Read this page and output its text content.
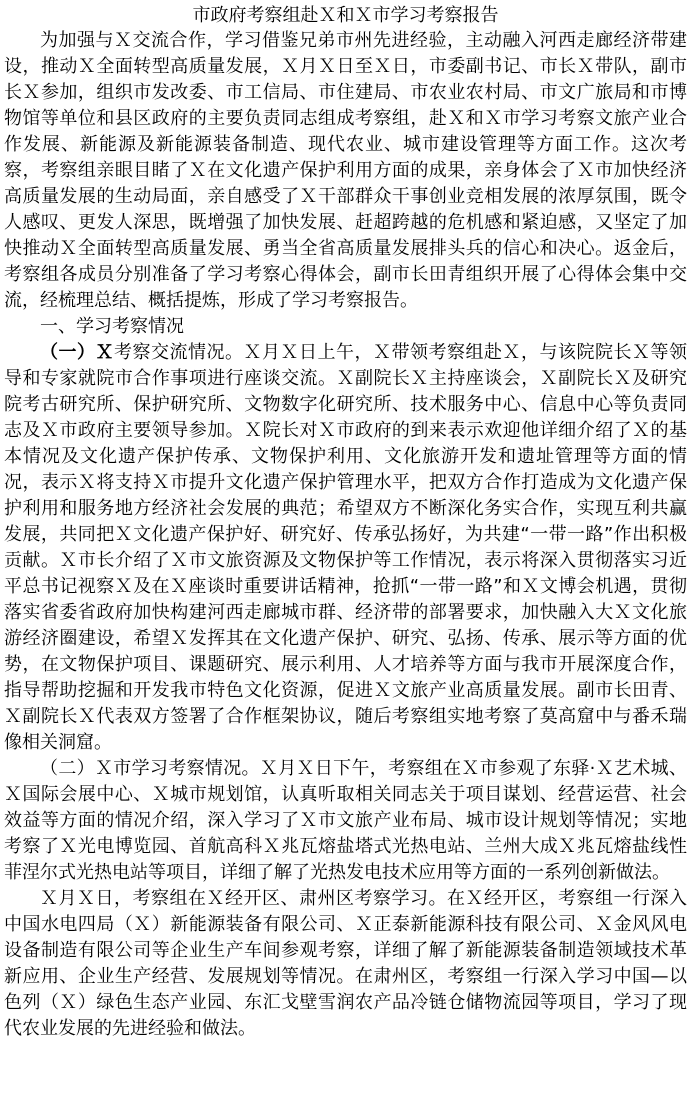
市政府考察组赴Ｘ和Ｘ市学习考察报告

为加强与Ｘ交流合作，学习借鉴兄弟市州先进经验，主动融入河西走廊经济带建设，推动Ｘ全面转型高质量发展，Ｘ月Ｘ日至Ｘ日，市委副书记、市长Ｘ带队，副市长Ｘ参加，组织市发改委、市工信局、市住建局、市农业农村局、市文广旅局和市博物馆等单位和县区政府的主要负责同志组成考察组，赴Ｘ和Ｘ市学习考察文旅产业合作发展、新能源及新能源装备制造、现代农业、城市建设管理等方面工作。这次考察，考察组亲眼目睹了Ｘ在文化遗产保护利用方面的成果，亲身体会了Ｘ市加快经济高质量发展的生动局面，亲自感受了Ｘ干部群众干事创业竞相发展的浓厚氛围，既令人感叹、更发人深思，既增强了加快发展、赶超跨越的危机感和紧迫感，又坚定了加快推动Ｘ全面转型高质量发展、勇当全省高质量发展排头兵的信心和决心。返金后，考察组各成员分别准备了学习考察心得体会，副市长田青组织开展了心得体会集中交流，经梳理总结、概括提炼，形成了学习考察报告。

一、学习考察情况

（一）Ｘ考察交流情况。Ｘ月Ｘ日上午，Ｘ带领考察组赴Ｘ，与该院院长Ｘ等领导和专家就院市合作事项进行座谈交流。Ｘ副院长Ｘ主持座谈会，Ｘ副院长Ｘ及研究院考古研究所、保护研究所、文物数字化研究所、技术服务中心、信息中心等负责同志及Ｘ市政府主要领导参加。Ｘ院长对Ｘ市政府的到来表示欢迎他详细介绍了Ｘ的基本情况及文化遗产保护传承、文物保护利用、文化旅游开发和遗址管理等方面的情况，表示Ｘ将支持Ｘ市提升文化遗产保护管理水平，把双方合作打造成为文化遗产保护利用和服务地方经济社会发展的典范；希望双方不断深化务实合作，实现互利共赢发展，共同把Ｘ文化遗产保护好、研究好、传承弘扬好，为共建“一带一路”作出积极贡献。Ｘ市长介绍了Ｘ市文旅资源及文物保护等工作情况，表示将深入贯彻落实习近平总书记视察Ｘ及在Ｘ座谈时重要讲话精神，抢抓“一带一路”和Ｘ文博会机遇，贯彻落实省委省政府加快构建河西走廊城市群、经济带的部署要求，加快融入大Ｘ文化旅游经济圈建设，希望Ｘ发挥其在文化遗产保护、研究、弘扬、传承、展示等方面的优势，在文物保护项目、课题研究、展示利用、人才培养等方面与我市开展深度合作，指导帮助挖掘和开发我市特色文化资源，促进Ｘ文旅产业高质量发展。副市长田青、Ｘ副院长Ｘ代表双方签署了合作框架协议，随后考察组实地考察了莫高窟中与番禾瑞像相关洞窟。

（二）Ｘ市学习考察情况。Ｘ月Ｘ日下午，考察组在Ｘ市参观了东驿·Ｘ艺术城、Ｘ国际会展中心、Ｘ城市规划馆，认真听取相关同志关于项目谋划、经营运营、社会效益等方面的情况介绍，深入学习了Ｘ市文旅产业布局、城市设计规划等情况；实地考察了Ｘ光电博览园、首航高科Ｘ兆瓦熔盐塔式光热电站、兰州大成Ｘ兆瓦熔盐线性菲涅尔式光热电站等项目，详细了解了光热发电技术应用等方面的一系列创新做法。

Ｘ月Ｘ日，考察组在Ｘ经开区、肃州区考察学习。在Ｘ经开区，考察组一行深入中国水电四局（Ｘ）新能源装备有限公司、Ｘ正泰新能源科技有限公司、Ｘ金风风电设备制造有限公司等企业生产车间参观考察，详细了解了新能源装备制造领域技术革新应用、企业生产经营、发展规划等情况。在肃州区，考察组一行深入学习中国—以色列（Ｘ）绿色生态产业园、东汇戈壁雪润农产品冷链仓储物流园等项目，学习了现代农业发展的先进经验和做法。
